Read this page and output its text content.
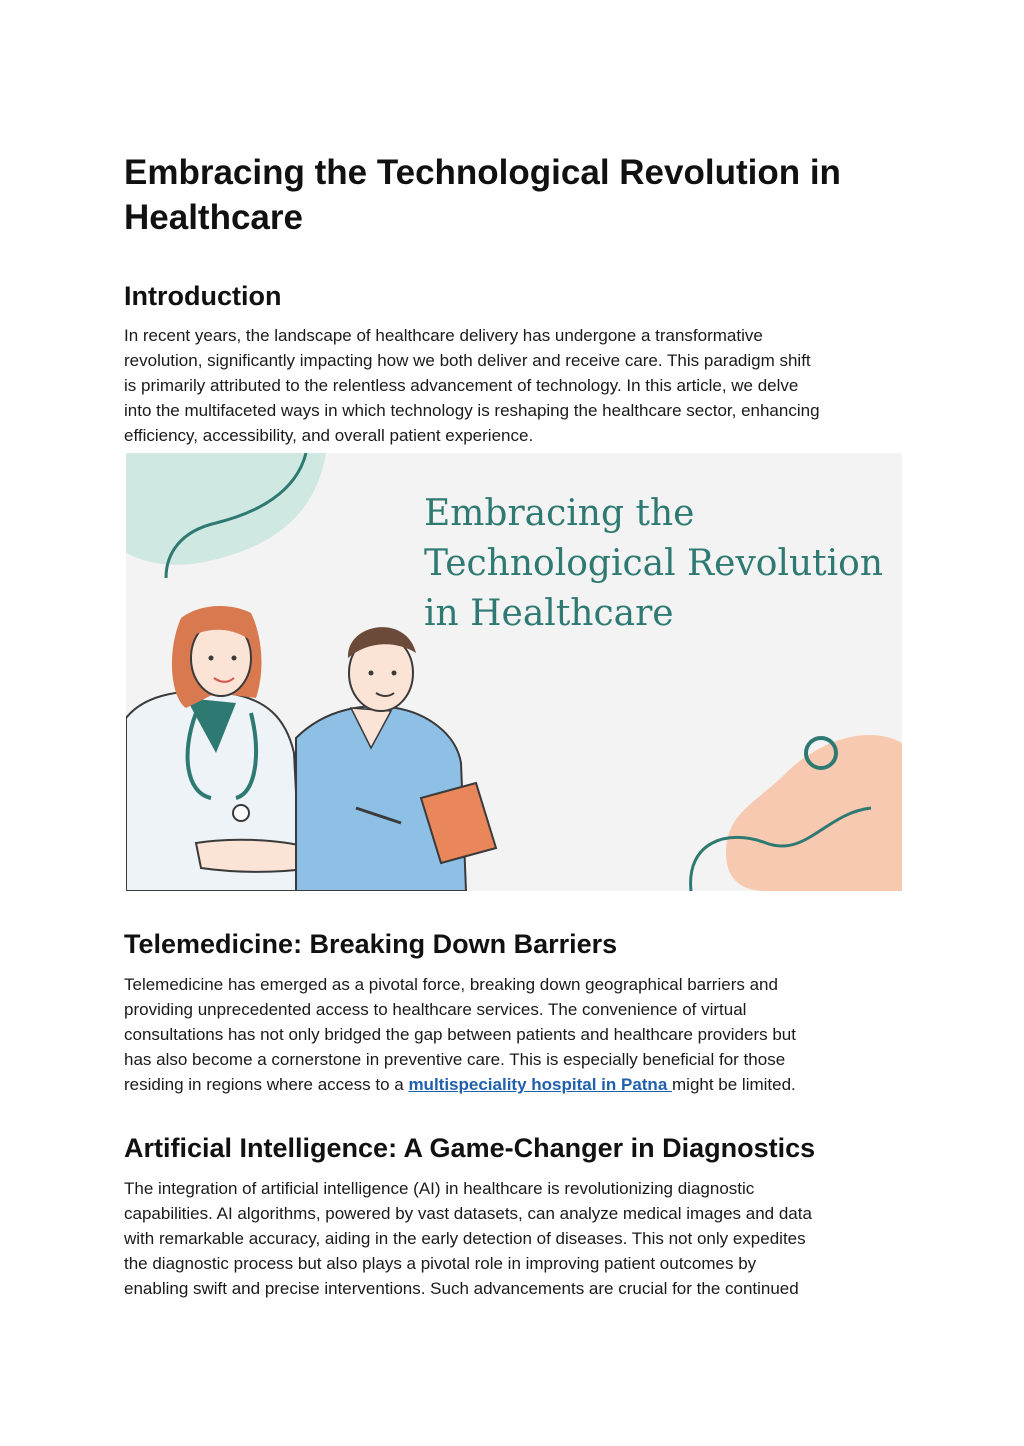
Embracing the Technological Revolution in Healthcare
Introduction

In recent years, the landscape of healthcare delivery has undergone a transformative
revolution, significantly impacting how we both deliver and receive care. This paradigm shift
is primarily attributed to the relentless advancement of technology. In this article, we delve
into the multifaceted ways in which technology is reshaping the healthcare sector, enhancing
efficiency, accessibility, and overall patient experience.

Embracing the
Technological Revolution
in Healthcare
Telemedicine: Breaking Down Barriers

Telemedicine has emerged as a pivotal force, breaking down geographical barriers and
providing unprecedented access to healthcare services. The convenience of virtual
consultations has not only bridged the gap between patients and healthcare providers but
has also become a cornerstone in preventive care. This is especially beneficial for those
residing in regions where access to a multispeciality hospital in Patna might be limited.

Artificial Intelligence: A Game-Changer in Diagnostics

The integration of artificial intelligence (AI) in healthcare is revolutionizing diagnostic
capabilities. AI algorithms, powered by vast datasets, can analyze medical images and data
with remarkable accuracy, aiding in the early detection of diseases. This not only expedites
the diagnostic process but also plays a pivotal role in improving patient outcomes by
enabling swift and precise interventions. Such advancements are crucial for the continued
